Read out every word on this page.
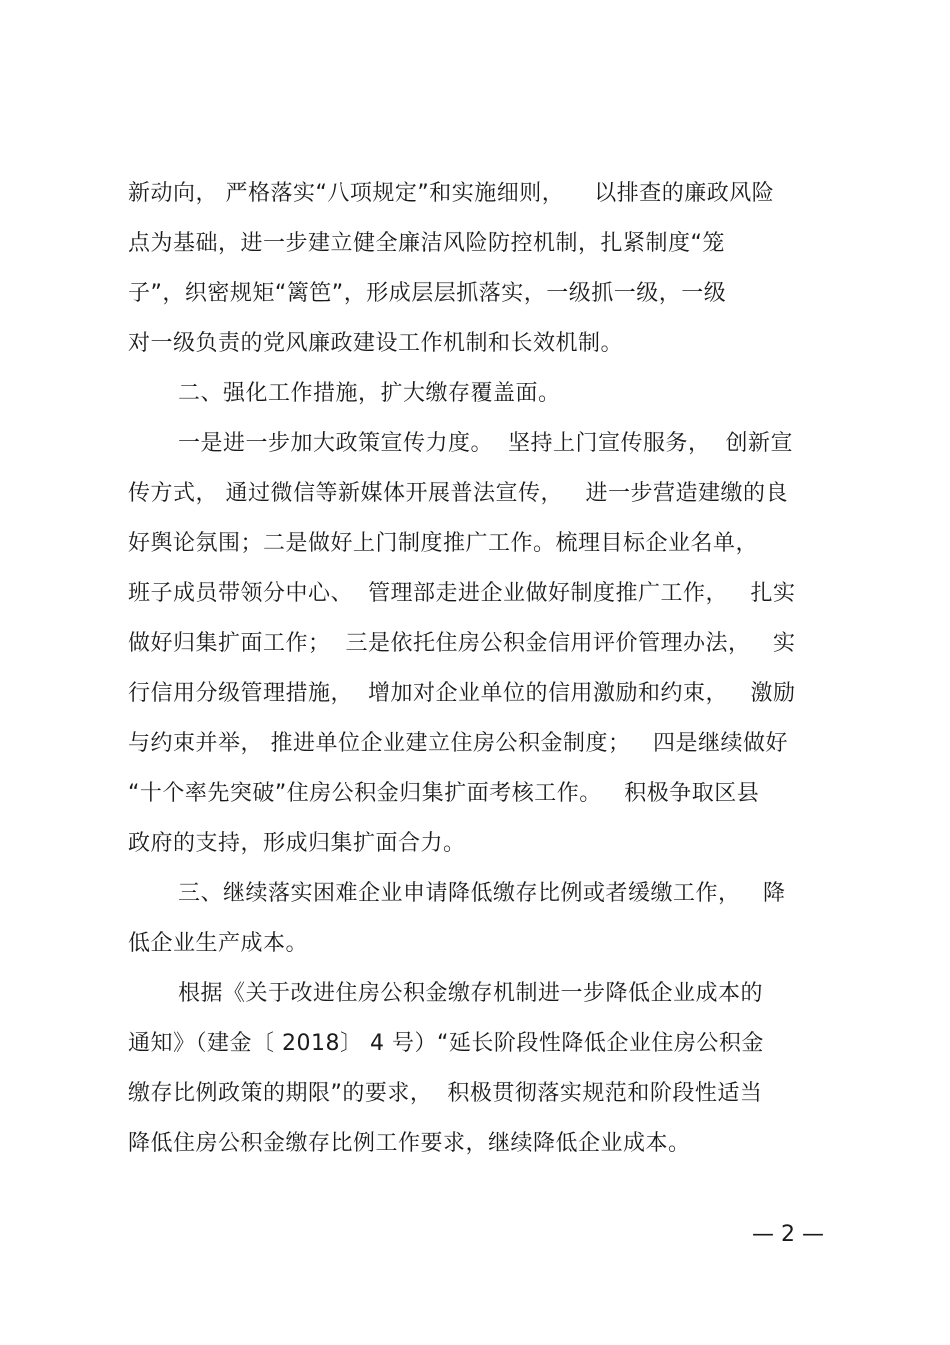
新动向， 严格落实“八项规定”和实施细则，    以排查的廉政风险
点为基础，进一步建立健全廉洁风险防控机制，扎紧制度“笼
子”，织密规矩“篱笆”，形成层层抓落实，一级抓一级，一级
对一级负责的党风廉政建设工作机制和长效机制。
二、强化工作措施，扩大缴存覆盖面。
一是进一步加大政策宣传力度。  坚持上门宣传服务，  创新宣
传方式， 通过微信等新媒体开展普法宣传，   进一步营造建缴的良
好舆论氛围；二是做好上门制度推广工作。梳理目标企业名单，
班子成员带领分中心、  管理部走进企业做好制度推广工作，   扎实
做好归集扩面工作；  三是依托住房公积金信用评价管理办法，   实
行信用分级管理措施，  增加对企业单位的信用激励和约束，   激励
与约束并举， 推进单位企业建立住房公积金制度；   四是继续做好
“十个率先突破”住房公积金归集扩面考核工作。   积极争取区县
政府的支持，形成归集扩面合力。
三、继续落实困难企业申请降低缴存比例或者缓缴工作，   降
低企业生产成本。
根据《关于改进住房公积金缴存机制进一步降低企业成本的
通知》（建金〔 2018〕 4 号）“延长阶段性降低企业住房公积金
缴存比例政策的期限”的要求，  积极贯彻落实规范和阶段性适当
降低住房公积金缴存比例工作要求，继续降低企业成本。
— 2 —
